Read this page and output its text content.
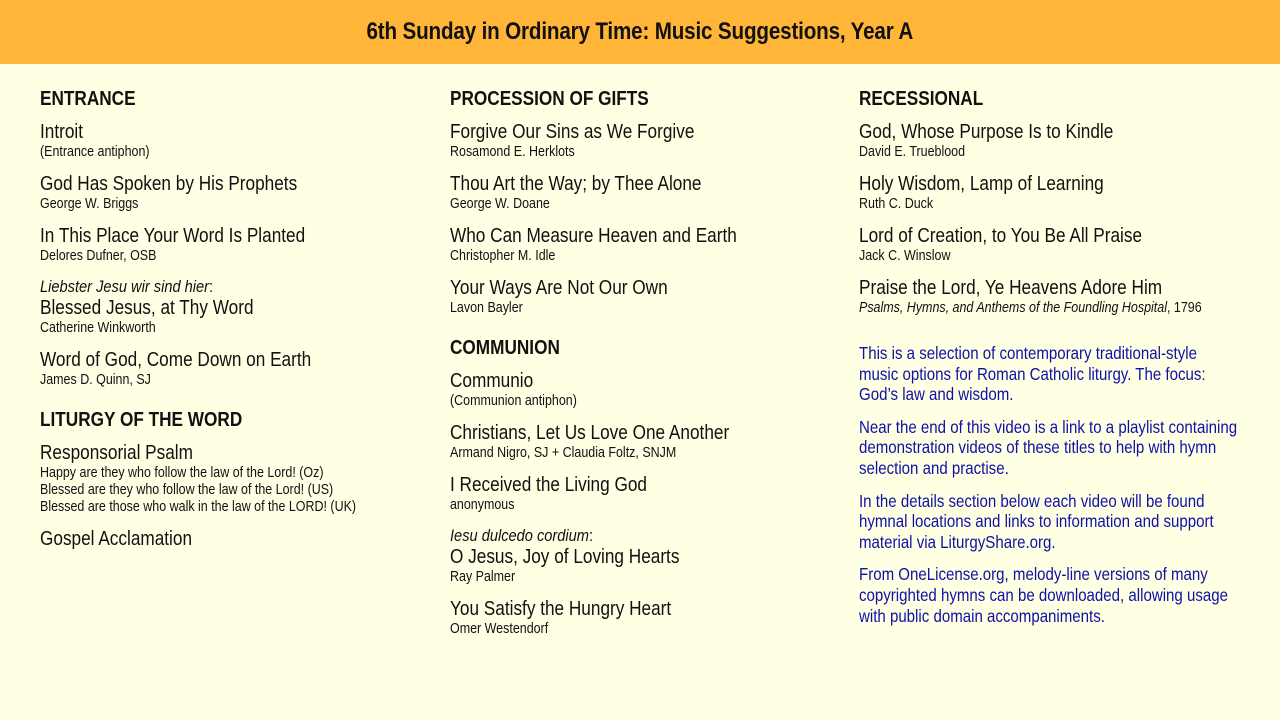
6th Sunday in Ordinary Time: Music Suggestions, Year A
ENTRANCE
Introit
(Entrance antiphon)
God Has Spoken by His Prophets
George W. Briggs
In This Place Your Word Is Planted
Delores Dufner, OSB
Liebster Jesu wir sind hier:
Blessed Jesus, at Thy Word
Catherine Winkworth
Word of God, Come Down on Earth
James D. Quinn, SJ
LITURGY OF THE WORD
Responsorial Psalm
Happy are they who follow the law of the Lord! (Oz)
Blessed are they who follow the law of the Lord! (US)
Blessed are those who walk in the law of the LORD! (UK)
Gospel Acclamation
PROCESSION OF GIFTS
Forgive Our Sins as We Forgive
Rosamond E. Herklots
Thou Art the Way; by Thee Alone
George W. Doane
Who Can Measure Heaven and Earth
Christopher M. Idle
Your Ways Are Not Our Own
Lavon Bayler
COMMUNION
Communio
(Communion antiphon)
Christians, Let Us Love One Another
Armand Nigro, SJ + Claudia Foltz, SNJM
I Received the Living God
anonymous
Iesu dulcedo cordium:
O Jesus, Joy of Loving Hearts
Ray Palmer
You Satisfy the Hungry Heart
Omer Westendorf
RECESSIONAL
God, Whose Purpose Is to Kindle
David E. Trueblood
Holy Wisdom, Lamp of Learning
Ruth C. Duck
Lord of Creation, to You Be All Praise
Jack C. Winslow
Praise the Lord, Ye Heavens Adore Him
Psalms, Hymns, and Anthems of the Foundling Hospital, 1796

This is a selection of contemporary traditional-style music options for Roman Catholic liturgy. The focus: God’s law and wisdom.

Near the end of this video is a link to a playlist containing demonstration videos of these titles to help with hymn selection and practise.

In the details section below each video will be found hymnal locations and links to information and support material via LiturgyShare.org.

From OneLicense.org, melody-line versions of many copyrighted hymns can be downloaded, allowing usage with public domain accompaniments.
